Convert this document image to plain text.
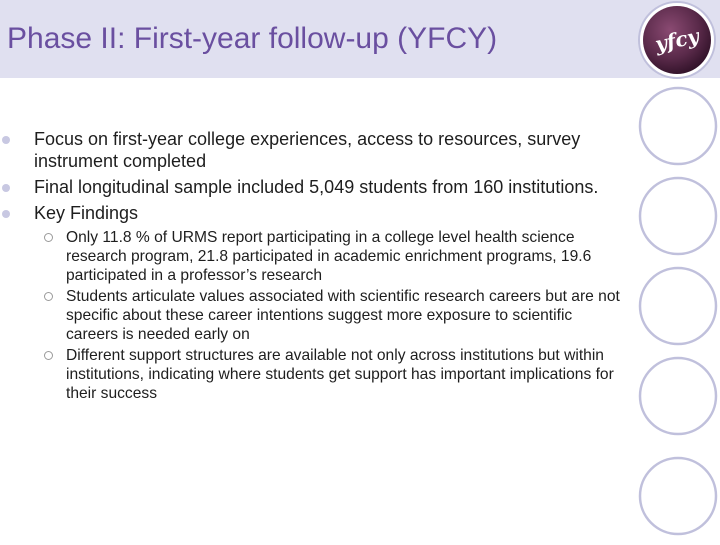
Phase II: First-year follow-up (YFCY)	yfcy
Focus on first-year college experiences, access to resources, survey instrument completed
Final longitudinal sample included 5,049 students from 160 institutions.
Key Findings
Only 11.8 % of URMS report participating in a college level health science research program, 21.8 participated in academic enrichment programs, 19.6 participated in a professor’s research
Students articulate values associated with scientific research careers but are not specific about these career intentions suggest more exposure to scientific careers is needed early on
Different support structures are available not only across institutions but within institutions, indicating where students get support has important implications for their success
